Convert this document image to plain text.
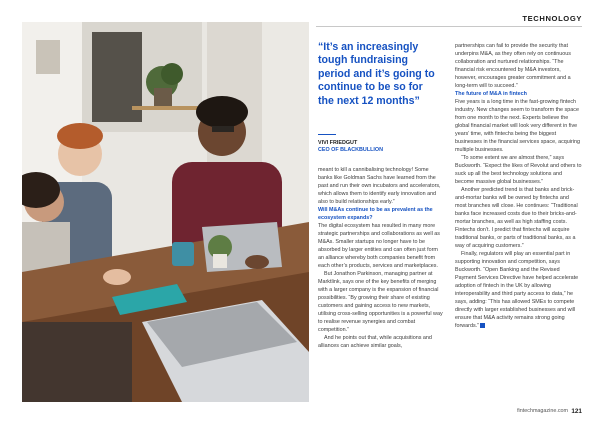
TECHNOLOGY
“It’s an increasingly tough fundraising period and it’s going to continue to be so for the next 12 months”
VIVI FRIEDGUT
CEO OF BLACKBULLION

meant to kill a cannibalising technology! Some banks like Goldman Sachs have learned from the past and run their own incubators and accelerators, which allows them to identify early innovation and also to build relationships early.”

Will M&As continue to be as prevalent as the ecosystem expands?

The digital ecosystem has resulted in many more strategic partnerships and collaborations as well as M&As. Smaller startups no longer have to be absorbed by larger entities and can often just form an alliance whereby both companies benefit from each other’s products, services and marketplaces.

But Jonathon Parkinson, managing partner at Marktlink, says one of the key benefits of merging with a larger company is the expansion of financial possibilities. “By growing their share of existing customers and gaining access to new markets, utilising cross-selling opportunities is a powerful way to realise revenue synergies and combat competition.”

And he points out that, while acquisitions and alliances can achieve similar goals,

partnerships can fail to provide the security that underpins M&A, as they often rely on continuous collaboration and nurtured relationships. “The financial risk encountered by M&A investors, however, encourages greater commitment and a long-term will to succeed.”

The future of M&A in fintech

Five years is a long time in the fast-growing fintech industry. New changes seem to transform the space from one month to the next. Experts believe the global financial market will look very different in five years’ time, with fintechs being the biggest businesses in the financial services space, acquiring multiple businesses.

“To some extent we are almost there,” says Buckworth. “Expect the likes of Revolut and others to suck up all the best technology solutions and become massive global businesses.”

Another predicted trend is that banks and brick-and-mortar banks will be owned by fintechs and most branches will close. He continues: “Traditional banks face increased costs due to their bricks-and-mortar branches, as well as high staffing costs. Fintechs don’t. I predict that fintechs will acquire traditional banks, or parts of traditional banks, as a way of acquiring customers.”

Finally, regulators will play an essential part in supporting innovation and competition, says Buckworth. “Open Banking and the Revised Payment Services Directive have helped accelerate adoption of fintech in the UK by allowing interoperability and third party access to data,” he says, adding: “This has allowed SMEs to compete directly with larger established businesses and will ensure that M&A activity remains strong going forwards.”

fintechmagazine.com 121
